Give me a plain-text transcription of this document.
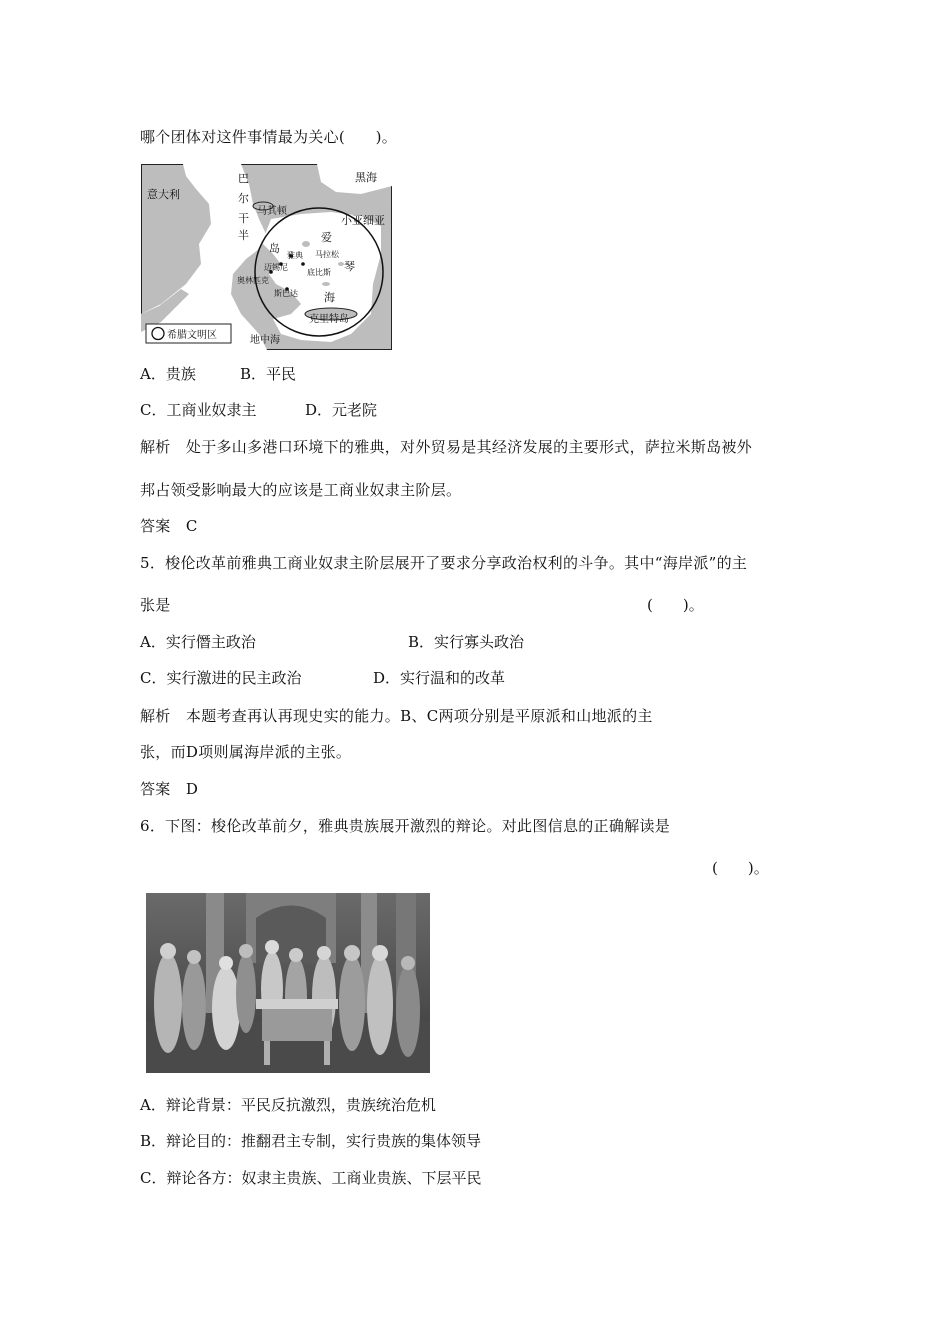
哪个团体对这件事情最为关心(　　)。
意大利
巴
尔
干
半
岛
马其顿
黑海
小亚细亚
爱
琴
海
雅典 马拉松
迈锡尼
底比斯
奥林匹克
斯巴达
克里特岛
地中海
希腊文明区
A．贵族	B．平民
C．工商业奴隶主	D．元老院
解析　处于多山多港口环境下的雅典，对外贸易是其经济发展的主要形式，萨拉米斯岛被外
邦占领受影响最大的应该是工商业奴隶主阶层。
答案　C
5．梭伦改革前雅典工商业奴隶主阶层展开了要求分享政治权利的斗争。其中“海岸派”的主
张是	(　　)。
A．实行僭主政治	B．实行寡头政治
C．实行激进的民主政治	D．实行温和的改革
解析　本题考查再认再现史实的能力。B、C两项分别是平原派和山地派的主
张，而D项则属海岸派的主张。
答案　D
6．下图：梭伦改革前夕，雅典贵族展开激烈的辩论。对此图信息的正确解读是
(　　)。
A．辩论背景：平民反抗激烈，贵族统治危机
B．辩论目的：推翻君主专制，实行贵族的集体领导
C．辩论各方：奴隶主贵族、工商业贵族、下层平民
